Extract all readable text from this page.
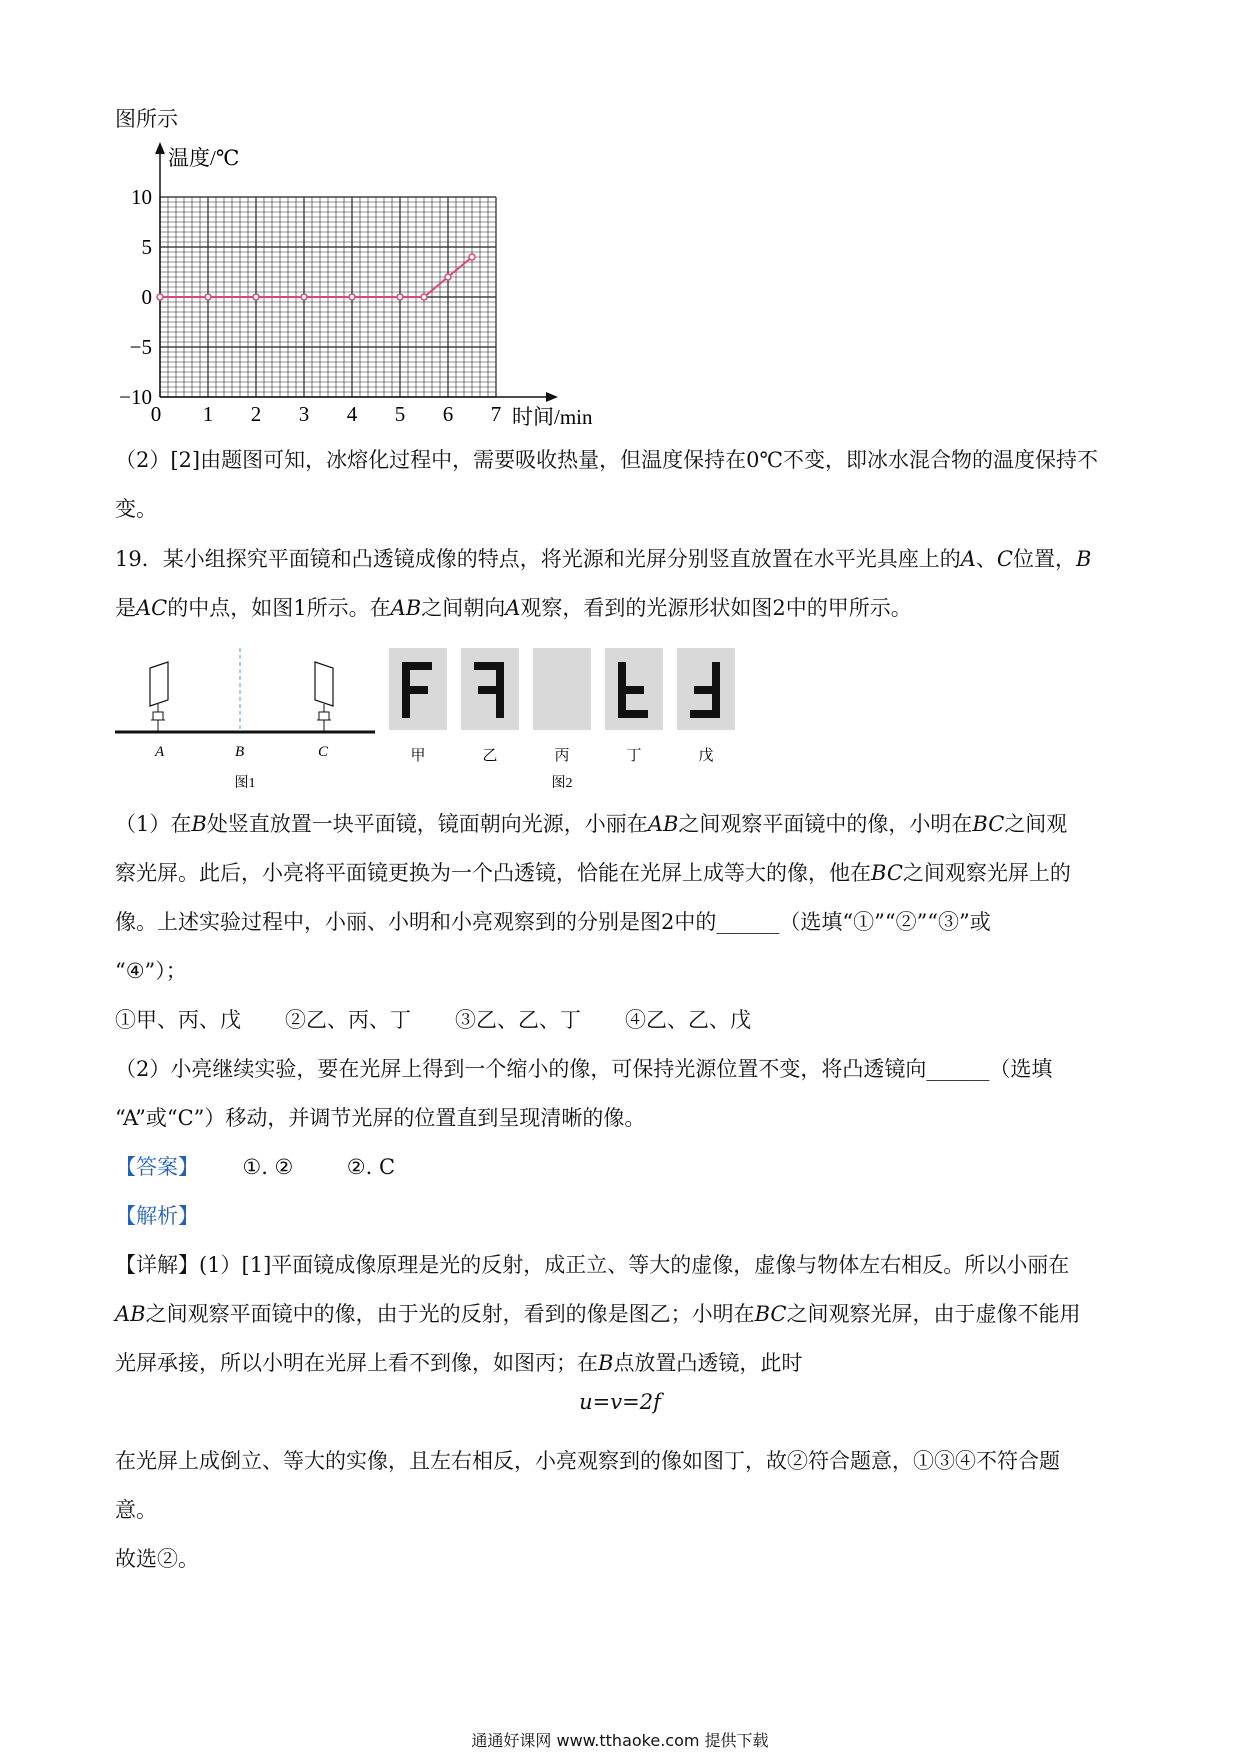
图所示
10
5
0
−5
−10
0 1 2 3 4 5 6 7
温度/℃
时间/min
（2）[2]由题图可知，冰熔化过程中，需要吸收热量，但温度保持在0℃不变，即冰水混合物的温度保持不变。
19．某小组探究平面镜和凸透镜成像的特点，将光源和光屏分别竖直放置在水平光具座上的A、C位置，B
是AC的中点，如图1所示。在AB之间朝向A观察，看到的光源形状如图2中的甲所示。
A	B	C
图1
甲	乙	丙	丁	戊
图2
（1）在B处竖直放置一块平面镜，镜面朝向光源，小丽在AB之间观察平面镜中的像，小明在BC之间观
察光屏。此后，小亮将平面镜更换为一个凸透镜，恰能在光屏上成等大的像，他在BC之间观察光屏上的
像。上述实验过程中，小丽、小明和小亮观察到的分别是图2中的______（选填“①”“②”“③”或
“④”）；
①甲、丙、戊 ②乙、丙、丁 ③乙、乙、丁 ④乙、乙、戊
（2）小亮继续实验，要在光屏上得到一个缩小的像，可保持光源位置不变，将凸透镜向______（选填
“A”或“C”）移动，并调节光屏的位置直到呈现清晰的像。
【答案】 ①. ②	②. C
【解析】
【详解】(1）[1]平面镜成像原理是光的反射，成正立、等大的虚像，虚像与物体左右相反。所以小丽在
AB之间观察平面镜中的像，由于光的反射，看到的像是图乙；小明在BC之间观察光屏，由于虚像不能用
光屏承接，所以小明在光屏上看不到像，如图丙；在B点放置凸透镜，此时
u=v=2f
在光屏上成倒立、等大的实像，且左右相反，小亮观察到的像如图丁，故②符合题意，①③④不符合题
意。
故选②。
通通好课网 www.tthaoke.com 提供下载
